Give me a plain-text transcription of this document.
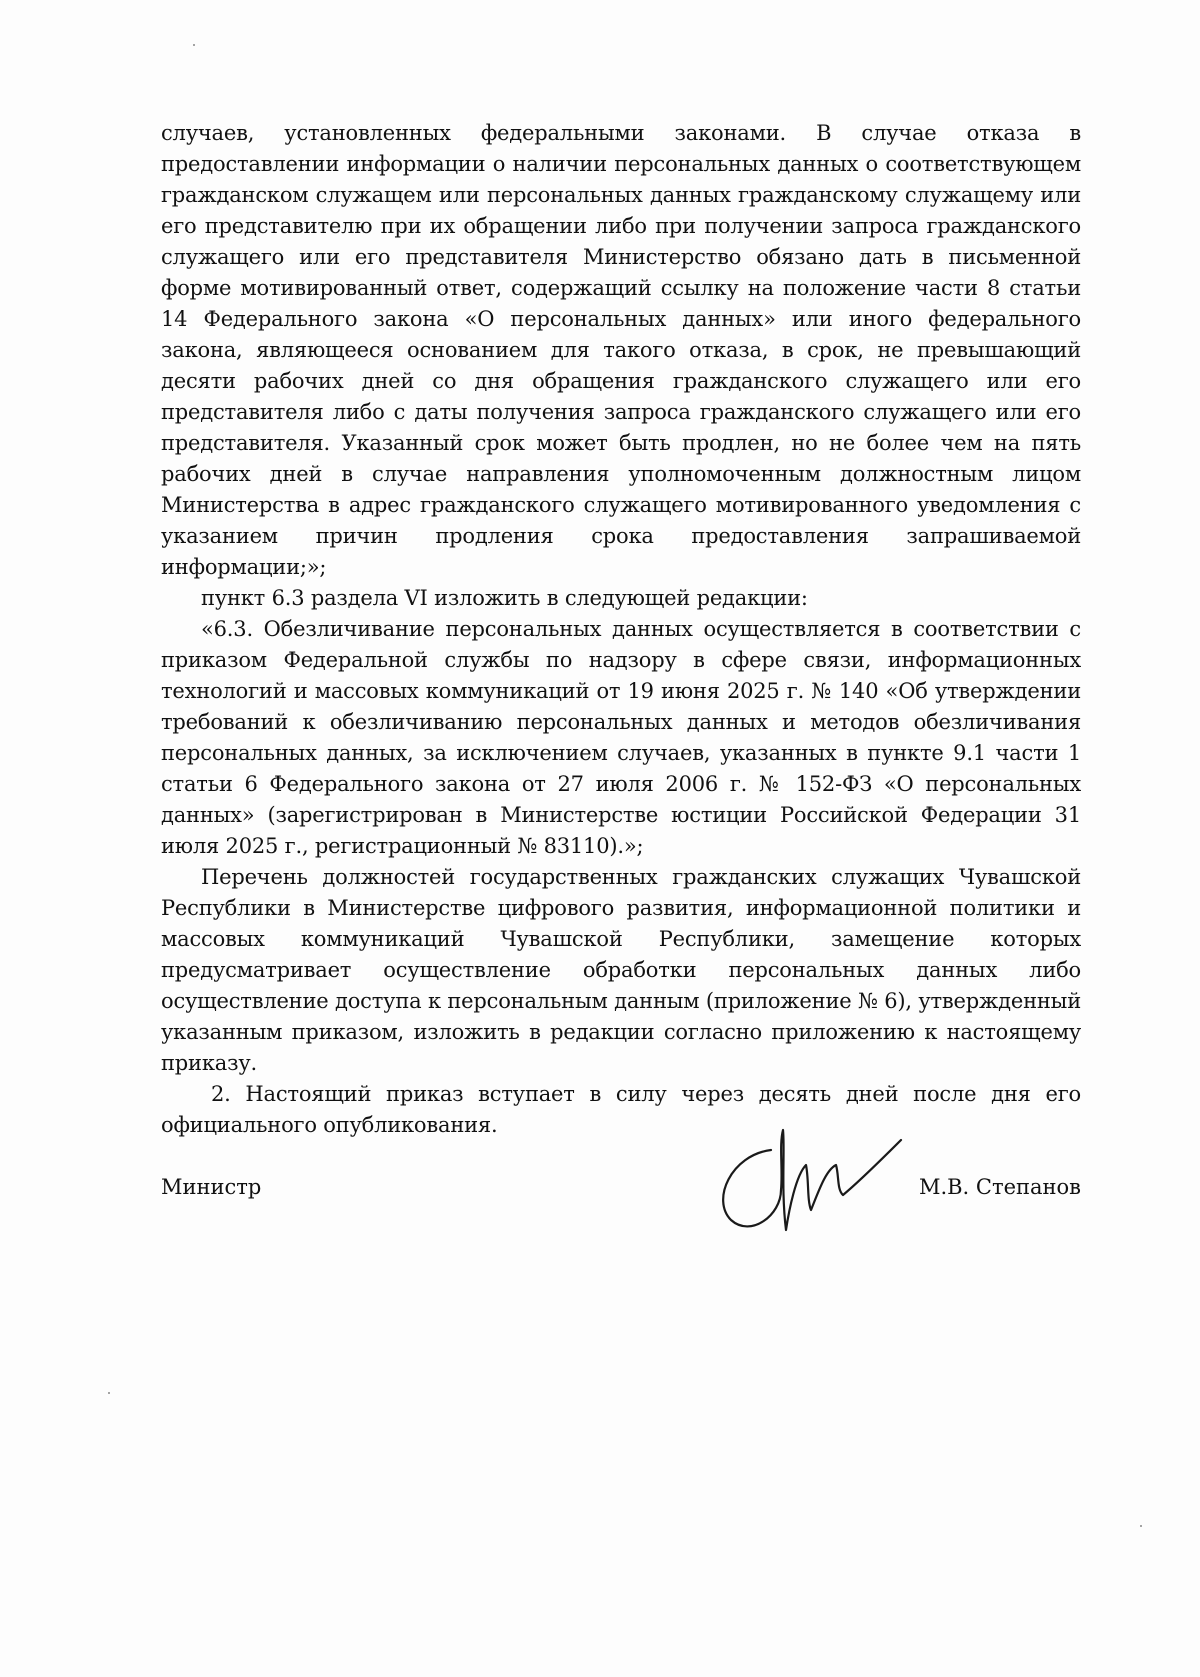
случаев, установленных федеральными законами. В случае отказа в предоставлении информации о наличии персональных данных о соответствующем гражданском служащем или персональных данных гражданскому служащему или его представителю при их обращении либо при получении запроса гражданского служащего или его представителя Министерство обязано дать в письменной форме мотивированный ответ, содержащий ссылку на положение части 8 статьи 14 Федерального закона «О персональных данных» или иного федерального закона, являющееся основанием для такого отказа, в срок, не превышающий десяти рабочих дней со дня обращения гражданского служащего или его представителя либо с даты получения запроса гражданского служащего или его представителя. Указанный срок может быть продлен, но не более чем на пять рабочих дней в случае направления уполномоченным должностным лицом Министерства в адрес гражданского служащего мотивированного уведомления с указанием причин продления срока предоставления запрашиваемой информации;»;

пункт 6.3 раздела VI изложить в следующей редакции:

«6.3. Обезличивание персональных данных осуществляется в соответствии с приказом Федеральной службы по надзору в сфере связи, информационных технологий и массовых коммуникаций от 19 июня 2025 г. № 140 «Об утверждении требований к обезличиванию персональных данных и методов обезличивания персональных данных, за исключением случаев, указанных в пункте 9.1 части 1 статьи 6 Федерального закона от 27 июля 2006 г. № 152-ФЗ «О персональных данных» (зарегистрирован в Министерстве юстиции Российской Федерации 31 июля 2025 г., регистрационный № 83110).»;

Перечень должностей государственных гражданских служащих Чувашской Республики в Министерстве цифрового развития, информационной политики и массовых коммуникаций Чувашской Республики, замещение которых предусматривает осуществление обработки персональных данных либо осуществление доступа к персональным данным (приложение № 6), утвержденный указанным приказом, изложить в редакции согласно приложению к настоящему приказу.

2. Настоящий приказ вступает в силу через десять дней после дня его официального опубликования.

Министр	М.В. Степанов
